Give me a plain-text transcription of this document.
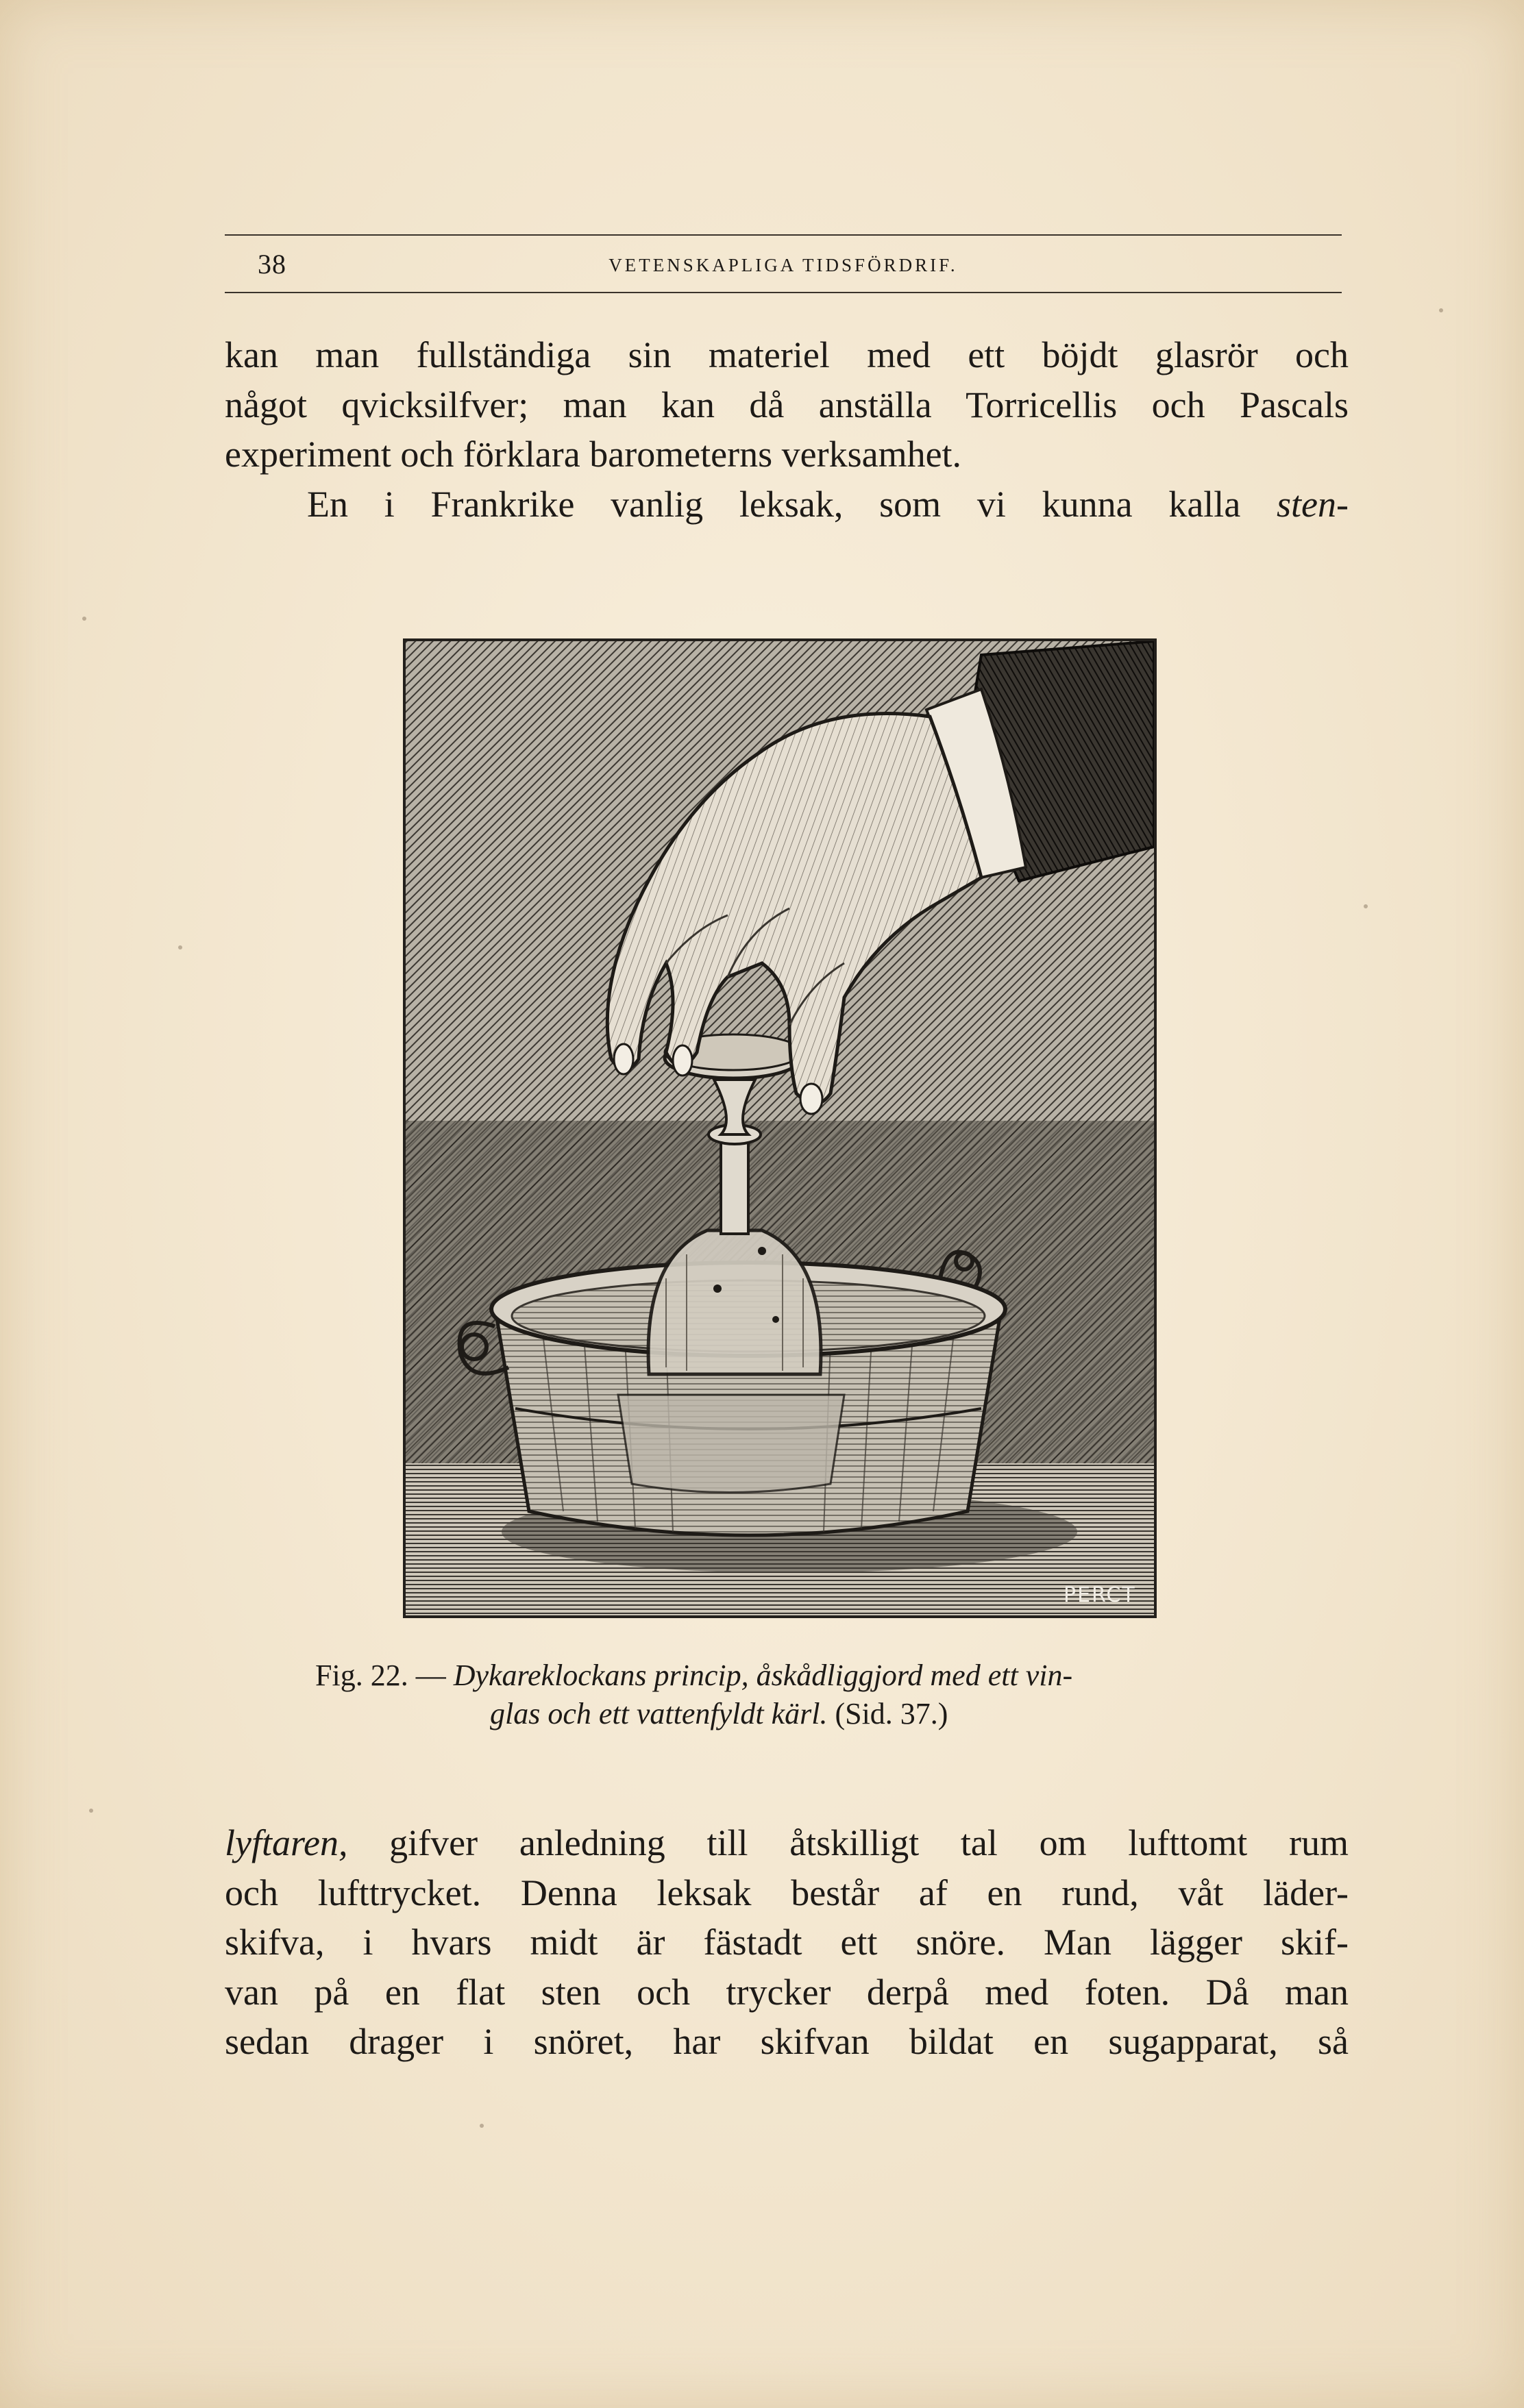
38	VETENSKAPLIGA TIDSFÖRDRIF.
kan man fullständiga sin materiel med ett böjdt glasrör och
något qvicksilfver; man kan då anställa Torricellis och Pascals
experiment och förklara barometerns verksamhet.
En i Frankrike vanlig leksak, som vi kunna kalla sten-
PERCT
Fig. 22. — Dykareklockans princip, åskådliggjord med ett vin-
glas och ett vattenfyldt kärl. (Sid. 37.)
lyftaren, gifver anledning till åtskilligt tal om lufttomt rum
och lufttrycket. Denna leksak består af en rund, våt läder-
skifva, i hvars midt är fästadt ett snöre. Man lägger skif-
van på en flat sten och trycker derpå med foten. Då man
sedan drager i snöret, har skifvan bildat en sugapparat, så
